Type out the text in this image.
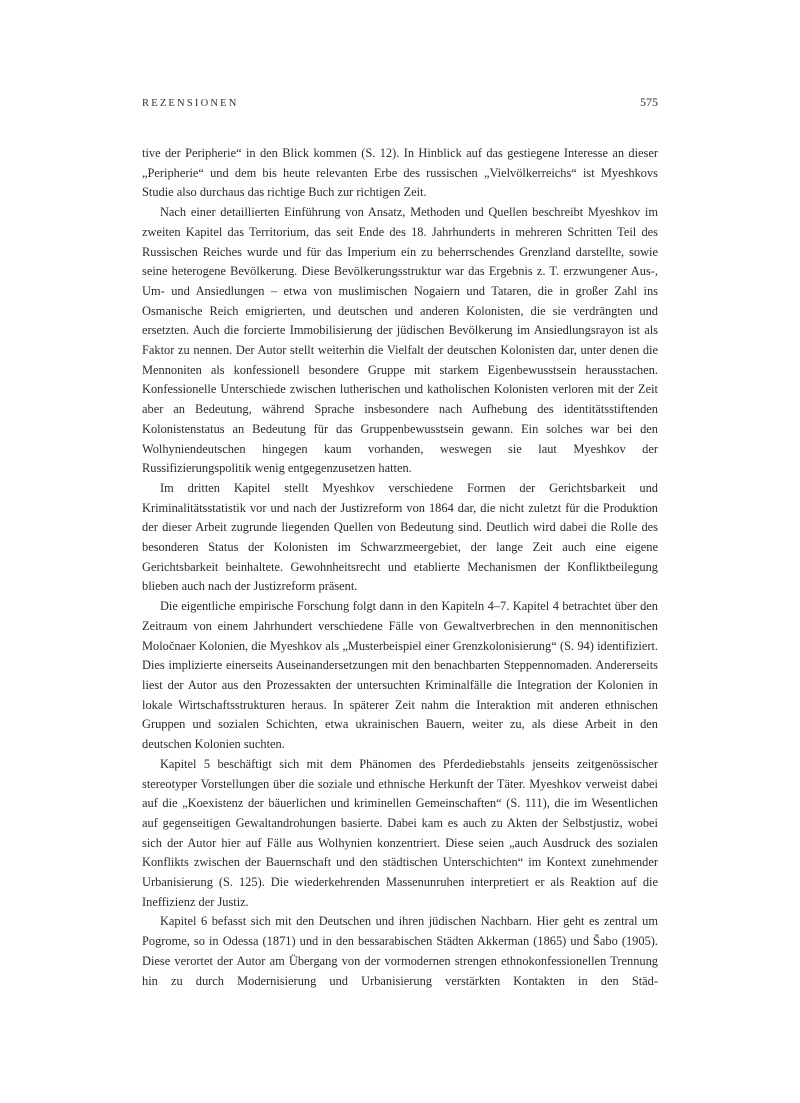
REZENSIONEN	575

tive der Peripherie“ in den Blick kommen (S. 12). In Hinblick auf das gestiegene Interesse an dieser „Peripherie“ und dem bis heute relevanten Erbe des russischen „Vielvölkerreichs“ ist Myeshkovs Studie also durchaus das richtige Buch zur richtigen Zeit.

Nach einer detaillierten Einführung von Ansatz, Methoden und Quellen beschreibt Myeshkov im zweiten Kapitel das Territorium, das seit Ende des 18. Jahrhunderts in mehreren Schritten Teil des Russischen Reiches wurde und für das Imperium ein zu beherrschendes Grenzland darstellte, sowie seine heterogene Bevölkerung. Diese Bevölkerungsstruktur war das Ergebnis z. T. erzwungener Aus-, Um- und Ansiedlungen – etwa von muslimischen Nogaiern und Tataren, die in großer Zahl ins Osmanische Reich emigrierten, und deutschen und anderen Kolonisten, die sie verdrängten und ersetzten. Auch die forcierte Immobilisierung der jüdischen Bevölkerung im Ansiedlungsrayon ist als Faktor zu nennen. Der Autor stellt weiterhin die Vielfalt der deutschen Kolonisten dar, unter denen die Mennoniten als konfessionell besondere Gruppe mit starkem Eigenbewusstsein herausstachen. Konfessionelle Unterschiede zwischen lutherischen und katholischen Kolonisten verloren mit der Zeit aber an Bedeutung, während Sprache insbesondere nach Aufhebung des identitätsstiftenden Kolonistenstatus an Bedeutung für das Gruppenbewusstsein gewann. Ein solches war bei den Wolhyniendeutschen hingegen kaum vorhanden, weswegen sie laut Myeshkov der Russifizierungspolitik wenig entgegenzusetzen hatten.

Im dritten Kapitel stellt Myeshkov verschiedene Formen der Gerichtsbarkeit und Kriminalitätsstatistik vor und nach der Justizreform von 1864 dar, die nicht zuletzt für die Produktion der dieser Arbeit zugrunde liegenden Quellen von Bedeutung sind. Deutlich wird dabei die Rolle des besonderen Status der Kolonisten im Schwarzmeergebiet, der lange Zeit auch eine eigene Gerichtsbarkeit beinhaltete. Gewohnheitsrecht und etablierte Mechanismen der Konfliktbeilegung blieben auch nach der Justizreform präsent.

Die eigentliche empirische Forschung folgt dann in den Kapiteln 4–7. Kapitel 4 betrachtet über den Zeitraum von einem Jahrhundert verschiedene Fälle von Gewaltverbrechen in den mennonitischen Moločnaer Kolonien, die Myeshkov als „Musterbeispiel einer Grenzkolonisierung“ (S. 94) identifiziert. Dies implizierte einerseits Auseinandersetzungen mit den benachbarten Steppennomaden. Andererseits liest der Autor aus den Prozessakten der untersuchten Kriminalfälle die Integration der Kolonien in lokale Wirtschaftsstrukturen heraus. In späterer Zeit nahm die Interaktion mit anderen ethnischen Gruppen und sozialen Schichten, etwa ukrainischen Bauern, weiter zu, als diese Arbeit in den deutschen Kolonien suchten.

Kapitel 5 beschäftigt sich mit dem Phänomen des Pferdediebstahls jenseits zeitgenössischer stereotyper Vorstellungen über die soziale und ethnische Herkunft der Täter. Myeshkov verweist dabei auf die „Koexistenz der bäuerlichen und kriminellen Gemeinschaften“ (S. 111), die im Wesentlichen auf gegenseitigen Gewaltandrohungen basierte. Dabei kam es auch zu Akten der Selbstjustiz, wobei sich der Autor hier auf Fälle aus Wolhynien konzentriert. Diese seien „auch Ausdruck des sozialen Konflikts zwischen der Bauernschaft und den städtischen Unterschichten“ im Kontext zunehmender Urbanisierung (S. 125). Die wiederkehrenden Massenunruhen interpretiert er als Reaktion auf die Ineffizienz der Justiz.

Kapitel 6 befasst sich mit den Deutschen und ihren jüdischen Nachbarn. Hier geht es zentral um Pogrome, so in Odessa (1871) und in den bessarabischen Städten Akkerman (1865) und Šabo (1905). Diese verortet der Autor am Übergang von der vormodernen strengen ethnokonfessionellen Trennung hin zu durch Modernisierung und Urbanisierung verstärkten Kontakten in den Städ-
